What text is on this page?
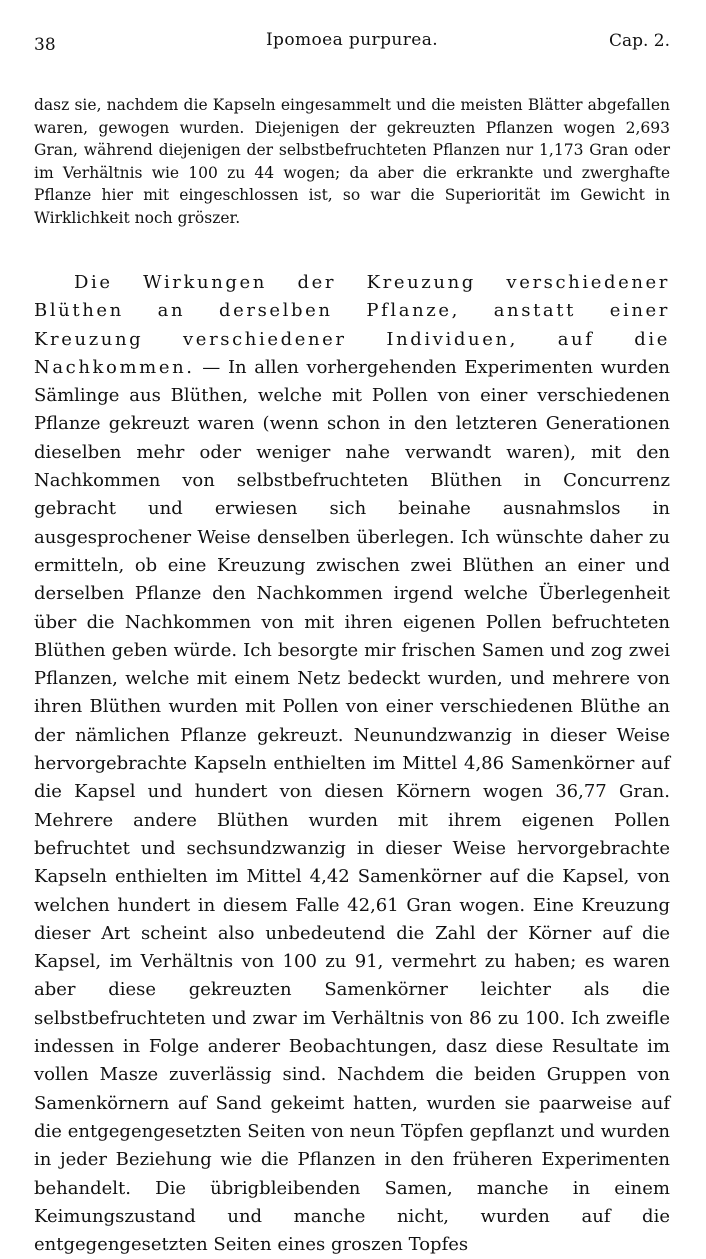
38	Ipomoea purpurea.	Cap. 2.

dasz sie, nachdem die Kapseln eingesammelt und die meisten Blätter abgefallen waren, gewogen wurden. Diejenigen der gekreuzten Pflanzen wogen 2,693 Gran, während diejenigen der selbstbefruchteten Pflanzen nur 1,173 Gran oder im Verhältnis wie 100 zu 44 wogen; da aber die erkrankte und zwerghafte Pflanze hier mit eingeschlossen ist, so war die Superiorität im Gewicht in Wirklichkeit noch gröszer.

Die Wirkungen der Kreuzung verschiedener Blüthen an derselben Pflanze, anstatt einer Kreuzung verschiedener Individuen, auf die Nachkommen. — In allen vorhergehenden Experimenten wurden Sämlinge aus Blüthen, welche mit Pollen von einer verschiedenen Pflanze gekreuzt waren (wenn schon in den letzteren Generationen dieselben mehr oder weniger nahe verwandt waren), mit den Nachkommen von selbstbefruchteten Blüthen in Concurrenz gebracht und erwiesen sich beinahe ausnahmslos in ausgesprochener Weise denselben überlegen. Ich wünschte daher zu ermitteln, ob eine Kreuzung zwischen zwei Blüthen an einer und derselben Pflanze den Nachkommen irgend welche Überlegenheit über die Nachkommen von mit ihren eigenen Pollen befruchteten Blüthen geben würde. Ich besorgte mir frischen Samen und zog zwei Pflanzen, welche mit einem Netz bedeckt wurden, und mehrere von ihren Blüthen wurden mit Pollen von einer verschiedenen Blüthe an der nämlichen Pflanze gekreuzt. Neunundzwanzig in dieser Weise hervorgebrachte Kapseln enthielten im Mittel 4,86 Samenkörner auf die Kapsel und hundert von diesen Körnern wogen 36,77 Gran. Mehrere andere Blüthen wurden mit ihrem eigenen Pollen befruchtet und sechsundzwanzig in dieser Weise hervorgebrachte Kapseln enthielten im Mittel 4,42 Samenkörner auf die Kapsel, von welchen hundert in diesem Falle 42,61 Gran wogen. Eine Kreuzung dieser Art scheint also unbedeutend die Zahl der Körner auf die Kapsel, im Verhältnis von 100 zu 91, vermehrt zu haben; es waren aber diese gekreuzten Samenkörner leichter als die selbstbefruchteten und zwar im Verhältnis von 86 zu 100. Ich zweifle indessen in Folge anderer Beobachtungen, dasz diese Resultate im vollen Masze zuverlässig sind. Nachdem die beiden Gruppen von Samenkörnern auf Sand gekeimt hatten, wurden sie paarweise auf die entgegengesetzten Seiten von neun Töpfen gepflanzt und wurden in jeder Beziehung wie die Pflanzen in den früheren Experimenten behandelt. Die übrigbleibenden Samen, manche in einem Keimungszustand und manche nicht, wurden auf die entgegengesetzten Seiten eines groszen Topfes
